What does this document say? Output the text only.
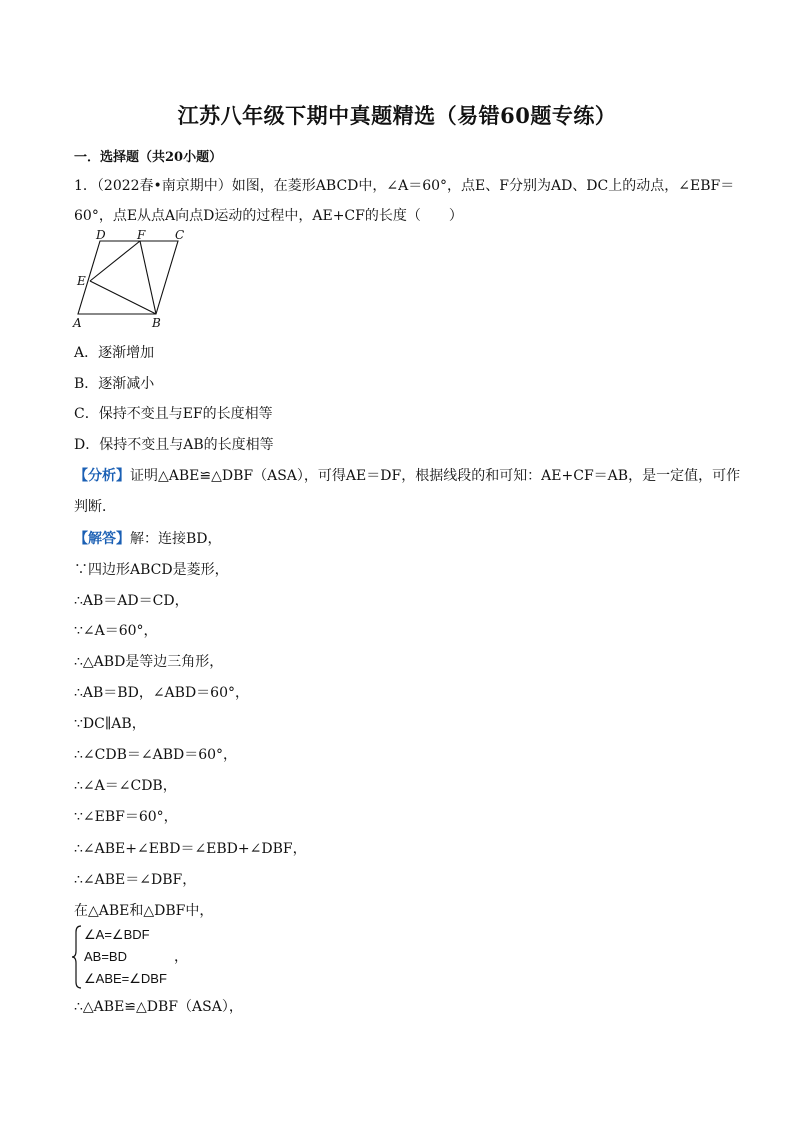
江苏八年级下期中真题精选（易错60题专练）
一．选择题（共20小题）
1．（2022春•南京期中）如图，在菱形ABCD中，∠A＝60°，点E、F分别为AD、DC上的动点，∠EBF＝
60°，点E从点A向点D运动的过程中，AE+CF的长度（　　）
D	F C
E
A	B
A．逐渐增加
B．逐渐减小
C．保持不变且与EF的长度相等
D．保持不变且与AB的长度相等
【分析】证明△ABE≌△DBF（ASA），可得AE＝DF，根据线段的和可知：AE+CF＝AB，是一定值，可作
判断．
【解答】解：连接BD，
∵四边形ABCD是菱形，
∴AB＝AD＝CD，
∵∠A＝60°，
∴△ABD是等边三角形，
∴AB＝BD，∠ABD＝60°，
∵DC∥AB，
∴∠CDB＝∠ABD＝60°，
∴∠A＝∠CDB，
∵∠EBF＝60°，
∴∠ABE+∠EBD＝∠EBD+∠DBF，
∴∠ABE＝∠DBF，
在△ABE和△DBF中，
∠A=∠BDF
AB=BD
∠ABE=∠DBF
，
∴△ABE≌△DBF（ASA），
